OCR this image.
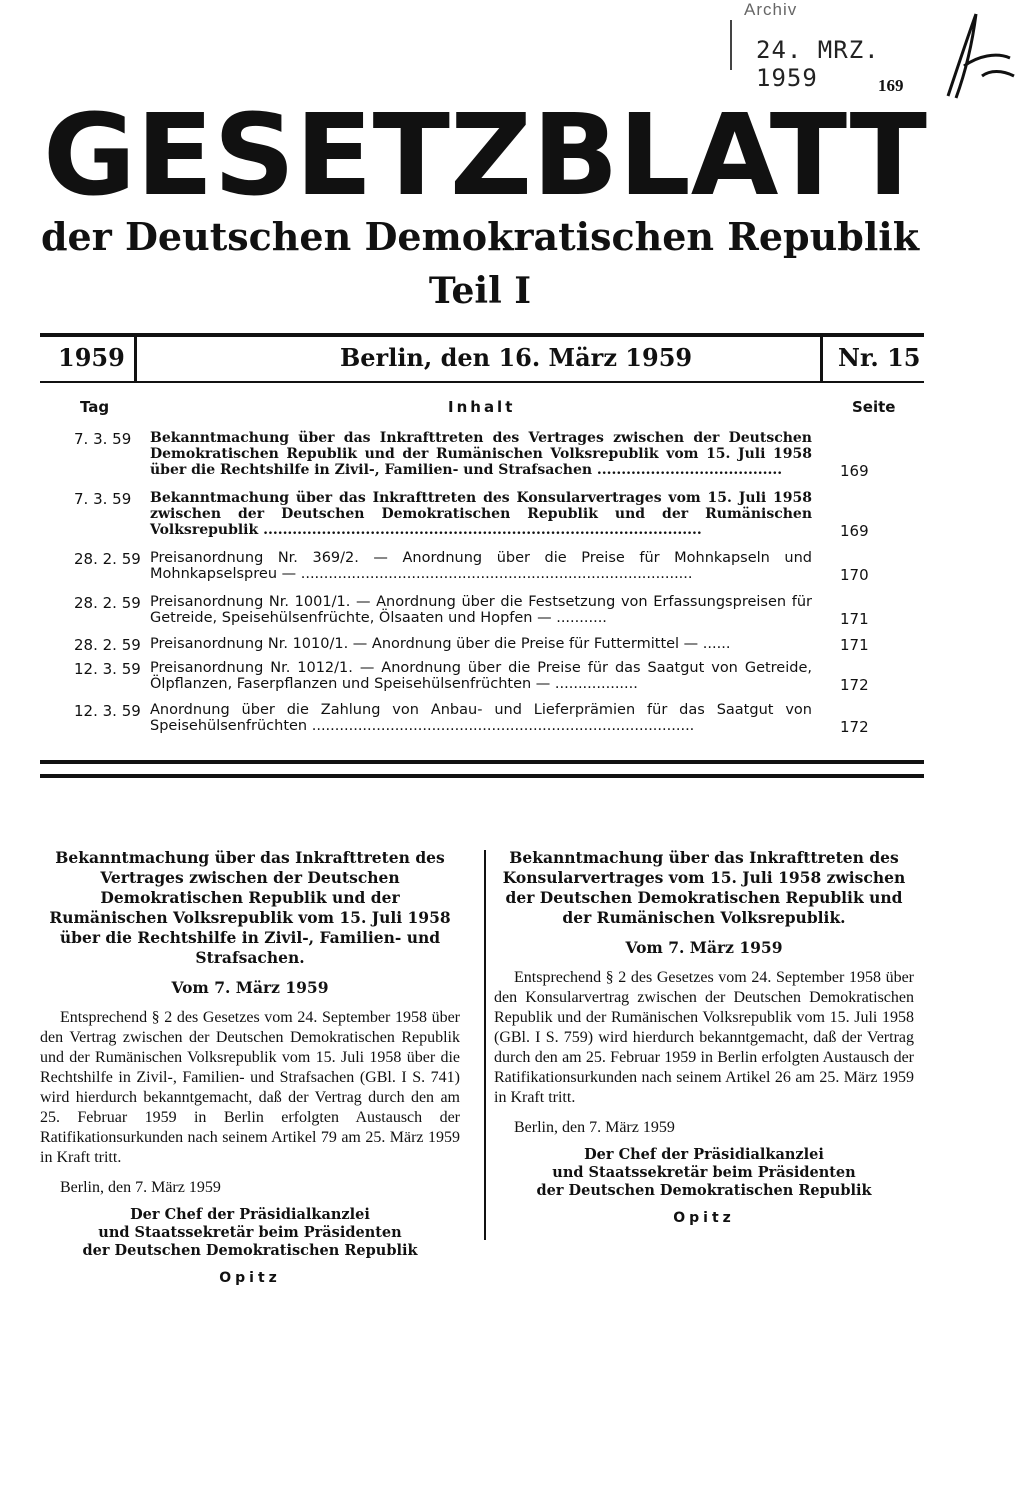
Archiv
24. MRZ. 1959	169
GESETZBLATT
der Deutschen Demokratischen Republik
Teil I
1959	Berlin, den 16. März 1959	Nr. 15
Tag	Inhalt	Seite
7. 3. 59 Bekanntmachung über das Inkrafttreten des Vertrages zwischen der Deutschen Demokratischen Republik und der Rumänischen Volksrepublik vom 15. Juli 1958 über die Rechtshilfe in Zivil-, Familien- und Strafsachen ......................................	169
7. 3. 59 Bekanntmachung über das Inkrafttreten des Konsularvertrages vom 15. Juli 1958 zwischen der Deutschen Demokratischen Republik und der Rumänischen Volksrepublik ..........................................................................................	169
28. 2. 59 Preisanordnung Nr. 369/2. — Anordnung über die Preise für Mohnkapseln und Mohnkapselspreu — .....................................................................................	170
28. 2. 59 Preisanordnung Nr. 1001/1. — Anordnung über die Festsetzung von Erfassungspreisen für Getreide, Speisehülsenfrüchte, Ölsaaten und Hopfen — ...........	171
28. 2. 59 Preisanordnung Nr. 1010/1. — Anordnung über die Preise für Futtermittel — ......	171
12. 3. 59 Preisanordnung Nr. 1012/1. — Anordnung über die Preise für das Saatgut von Getreide, Ölpflanzen, Faserpflanzen und Speisehülsenfrüchten — ..................	172
12. 3. 59 Anordnung über die Zahlung von Anbau- und Lieferprämien für das Saatgut von Speisehülsenfrüchten ...................................................................................	172
Bekanntmachung über das Inkrafttreten des Vertrages zwischen der Deutschen Demokratischen Republik und der Rumänischen Volksrepublik vom 15. Juli 1958 über die Rechtshilfe in Zivil-, Familien- und Strafsachen.
Vom 7. März 1959
Entsprechend § 2 des Gesetzes vom 24. September 1958 über den Vertrag zwischen der Deutschen Demokratischen Republik und der Rumänischen Volksrepublik vom 15. Juli 1958 über die Rechtshilfe in Zivil-, Familien- und Strafsachen (GBl. I S. 741) wird hierdurch bekanntgemacht, daß der Vertrag durch den am 25. Februar 1959 in Berlin erfolgten Austausch der Ratifikationsurkunden nach seinem Artikel 79 am 25. März 1959 in Kraft tritt.
Berlin, den 7. März 1959
Der Chef der Präsidialkanzlei
und Staatssekretär beim Präsidenten
der Deutschen Demokratischen Republik
Opitz
Bekanntmachung über das Inkrafttreten des Konsularvertrages vom 15. Juli 1958 zwischen der Deutschen Demokratischen Republik und der Rumänischen Volksrepublik.
Vom 7. März 1959
Entsprechend § 2 des Gesetzes vom 24. September 1958 über den Konsularvertrag zwischen der Deutschen Demokratischen Republik und der Rumänischen Volksrepublik vom 15. Juli 1958 (GBl. I S. 759) wird hierdurch bekanntgemacht, daß der Vertrag durch den am 25. Februar 1959 in Berlin erfolgten Austausch der Ratifikationsurkunden nach seinem Artikel 26 am 25. März 1959 in Kraft tritt.
Berlin, den 7. März 1959
Der Chef der Präsidialkanzlei
und Staatssekretär beim Präsidenten
der Deutschen Demokratischen Republik
Opitz
